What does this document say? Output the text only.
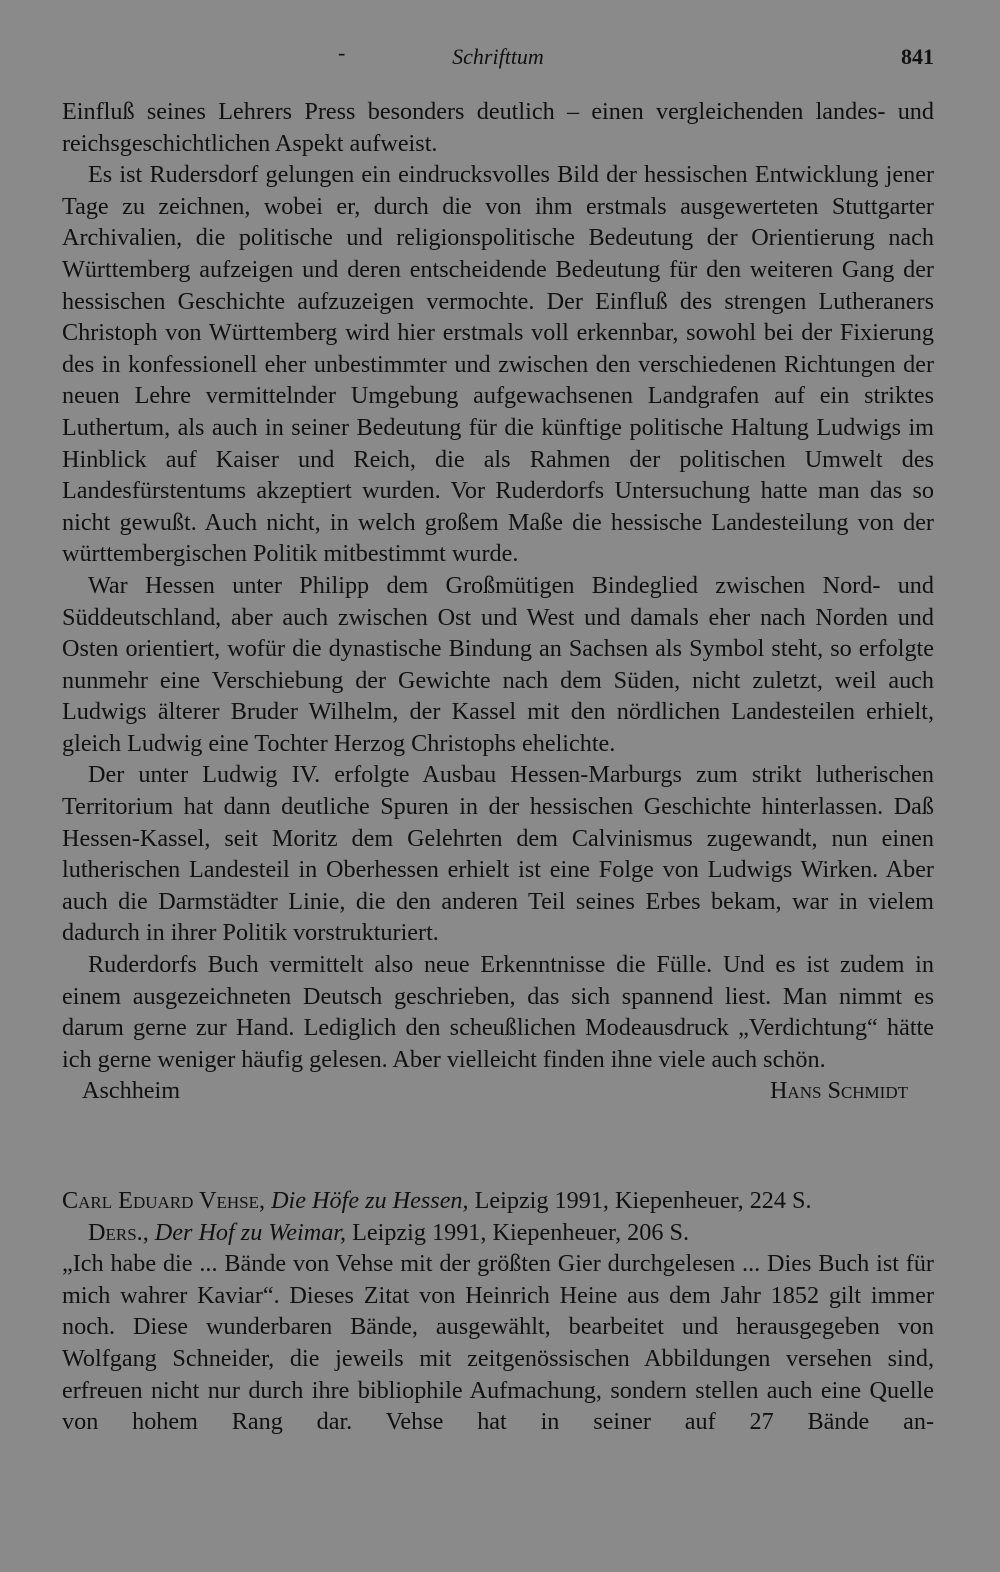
-	Schrifttum	841

Einfluß seines Lehrers Press besonders deutlich – einen vergleichenden landes- und reichsgeschichtlichen Aspekt aufweist.

Es ist Rudersdorf gelungen ein eindrucksvolles Bild der hessischen Entwicklung jener Tage zu zeichnen, wobei er, durch die von ihm erstmals ausgewerteten Stuttgarter Archivalien, die politische und religionspolitische Bedeutung der Orientierung nach Württemberg aufzeigen und deren entscheidende Bedeutung für den weiteren Gang der hessischen Geschichte aufzuzeigen vermochte. Der Einfluß des strengen Lutheraners Christoph von Württemberg wird hier erstmals voll erkennbar, sowohl bei der Fixierung des in konfessionell eher unbestimmter und zwischen den verschiedenen Richtungen der neuen Lehre vermittelnder Umgebung aufgewachsenen Landgrafen auf ein striktes Luthertum, als auch in seiner Bedeutung für die künftige politische Haltung Ludwigs im Hinblick auf Kaiser und Reich, die als Rahmen der politischen Umwelt des Landesfürstentums akzeptiert wurden. Vor Ruderdorfs Untersuchung hatte man das so nicht gewußt. Auch nicht, in welch großem Maße die hessische Landesteilung von der württembergischen Politik mitbestimmt wurde.

War Hessen unter Philipp dem Großmütigen Bindeglied zwischen Nord- und Süddeutschland, aber auch zwischen Ost und West und damals eher nach Norden und Osten orientiert, wofür die dynastische Bindung an Sachsen als Symbol steht, so erfolgte nunmehr eine Verschiebung der Gewichte nach dem Süden, nicht zuletzt, weil auch Ludwigs älterer Bruder Wilhelm, der Kassel mit den nördlichen Landesteilen erhielt, gleich Ludwig eine Tochter Herzog Christophs ehelichte.

Der unter Ludwig IV. erfolgte Ausbau Hessen-Marburgs zum strikt lutherischen Territorium hat dann deutliche Spuren in der hessischen Geschichte hinterlassen. Daß Hessen-Kassel, seit Moritz dem Gelehrten dem Calvinismus zugewandt, nun einen lutherischen Landesteil in Oberhessen erhielt ist eine Folge von Ludwigs Wirken. Aber auch die Darmstädter Linie, die den anderen Teil seines Erbes bekam, war in vielem dadurch in ihrer Politik vorstrukturiert.

Ruderdorfs Buch vermittelt also neue Erkenntnisse die Fülle. Und es ist zudem in einem ausgezeichneten Deutsch geschrieben, das sich spannend liest. Man nimmt es darum gerne zur Hand. Lediglich den scheußlichen Modeausdruck „Verdichtung“ hätte ich gerne weniger häufig gelesen. Aber vielleicht finden ihne viele auch schön.

Aschheim	Hans Schmidt

Carl Eduard Vehse, Die Höfe zu Hessen, Leipzig 1991, Kiepenheuer, 224 S.

Ders., Der Hof zu Weimar, Leipzig 1991, Kiepenheuer, 206 S.

„Ich habe die ... Bände von Vehse mit der größten Gier durchgelesen ... Dies Buch ist für mich wahrer Kaviar“. Dieses Zitat von Heinrich Heine aus dem Jahr 1852 gilt immer noch. Diese wunderbaren Bände, ausgewählt, bearbeitet und herausgegeben von Wolfgang Schneider, die jeweils mit zeitgenössischen Abbildungen versehen sind, erfreuen nicht nur durch ihre bibliophile Aufmachung, sondern stellen auch eine Quelle von hohem Rang dar. Vehse hat in seiner auf 27 Bände an-
